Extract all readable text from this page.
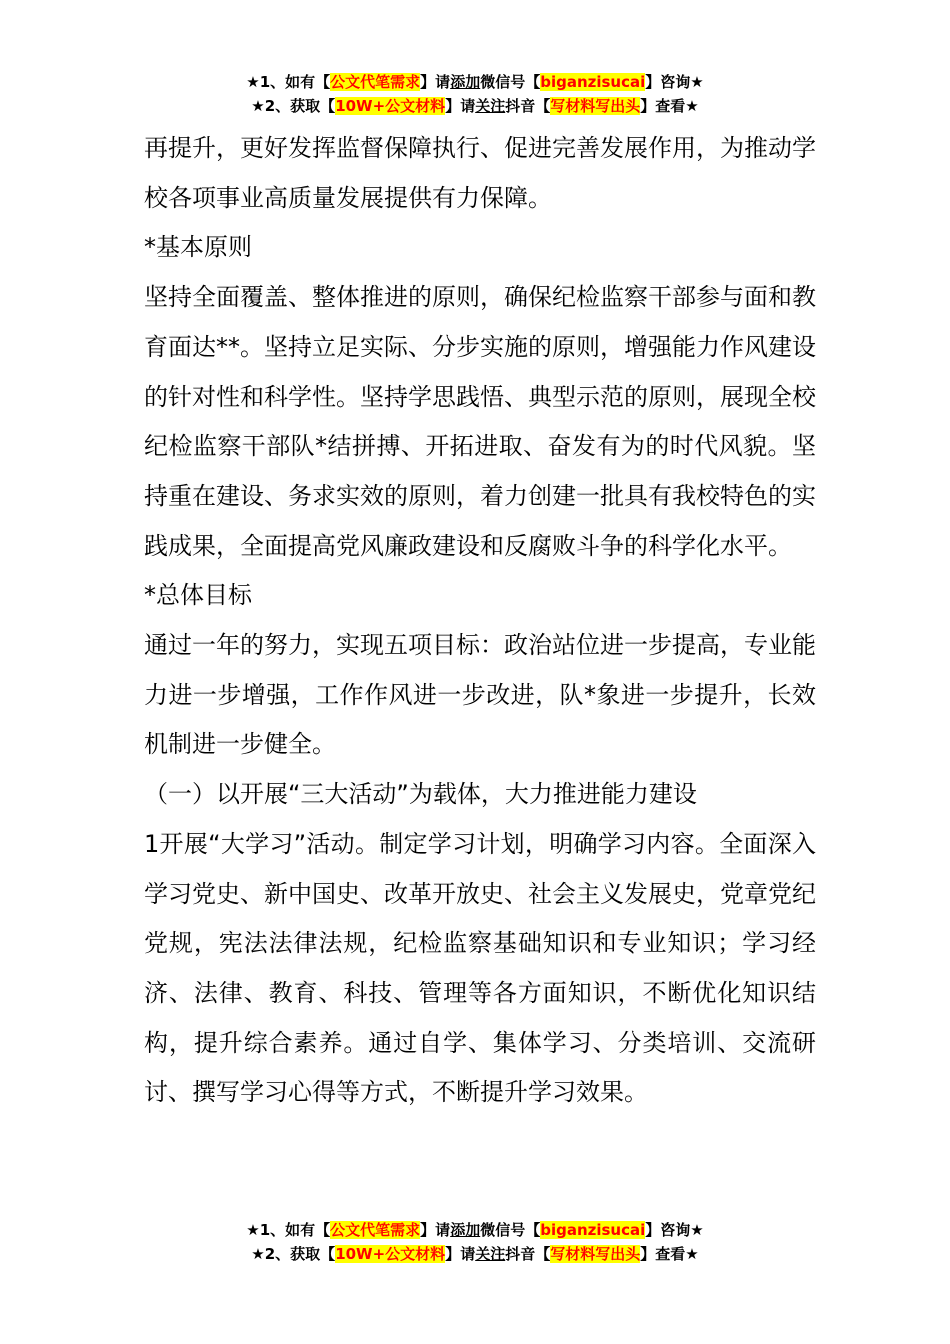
★1、如有【公文代笔需求】请添加微信号【biganzisucai】咨询★
★2、获取【10W+公文材料】请关注抖音【写材料写出头】查看★

再提升，更好发挥监督保障执行、促进完善发展作用，为推动学校各项事业高质量发展提供有力保障。

*基本原则

坚持全面覆盖、整体推进的原则，确保纪检监察干部参与面和教育面达**。坚持立足实际、分步实施的原则，增强能力作风建设的针对性和科学性。坚持学思践悟、典型示范的原则，展现全校纪检监察干部队*结拼搏、开拓进取、奋发有为的时代风貌。坚持重在建设、务求实效的原则，着力创建一批具有我校特色的实践成果，全面提高党风廉政建设和反腐败斗争的科学化水平。

*总体目标

通过一年的努力，实现五项目标：政治站位进一步提高，专业能力进一步增强，工作作风进一步改进，队*象进一步提升，长效机制进一步健全。

（一）以开展“三大活动”为载体，大力推进能力建设

1开展“大学习”活动。制定学习计划，明确学习内容。全面深入学习党史、新中国史、改革开放史、社会主义发展史，党章党纪党规，宪法法律法规，纪检监察基础知识和专业知识；学习经济、法律、教育、科技、管理等各方面知识，不断优化知识结构，提升综合素养。通过自学、集体学习、分类培训、交流研讨、撰写学习心得等方式，不断提升学习效果。

★1、如有【公文代笔需求】请添加微信号【biganzisucai】咨询★
★2、获取【10W+公文材料】请关注抖音【写材料写出头】查看★
